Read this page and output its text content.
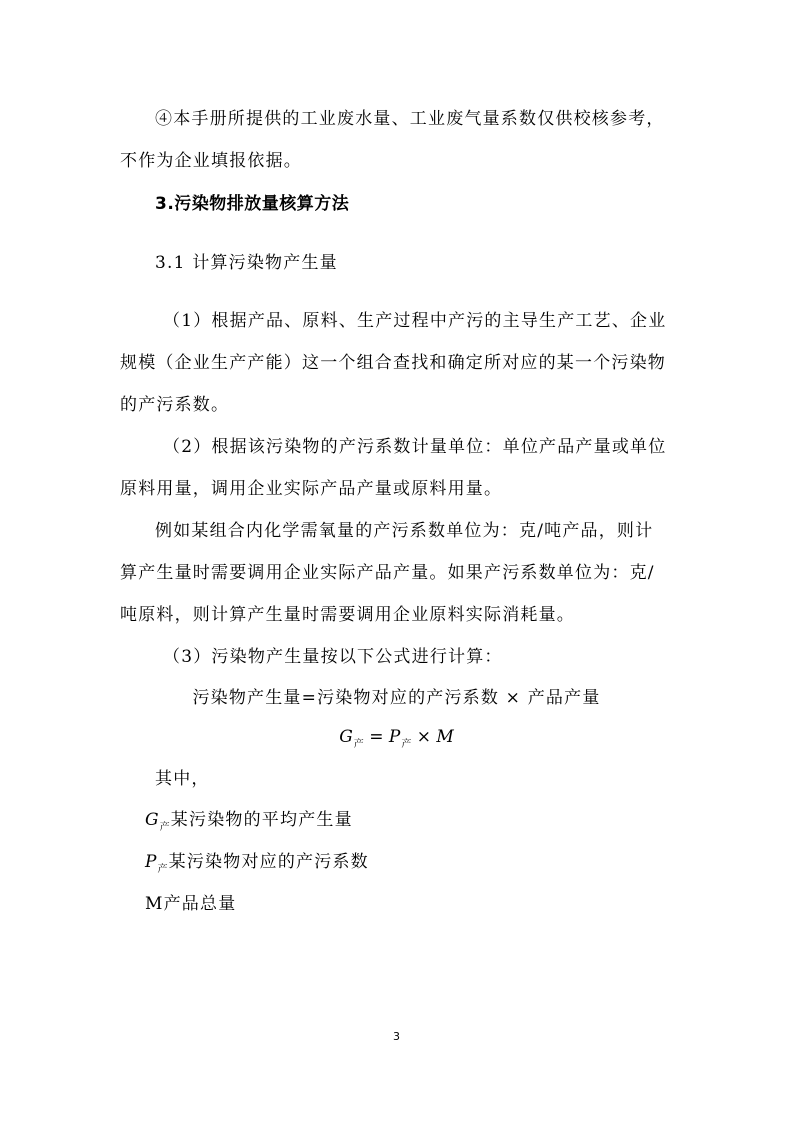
④本手册所提供的工业废水量、工业废气量系数仅供校核参考，
不作为企业填报依据。
3.污染物排放量核算方法
3.1 计算污染物产生量
（1）根据产品、原料、生产过程中产污的主导生产工艺、企业
规模（企业生产产能）这一个组合查找和确定所对应的某一个污染物
的产污系数。
（2）根据该污染物的产污系数计量单位：单位产品产量或单位
原料用量，调用企业实际产品产量或原料用量。
例如某组合内化学需氧量的产污系数单位为：克/吨产品，则计
算产生量时需要调用企业实际产品产量。如果产污系数单位为：克/
吨原料，则计算产生量时需要调用企业原料实际消耗量。
（3）污染物产生量按以下公式进行计算：
污染物产生量=污染物对应的产污系数 × 产品产量
$G_产 = P_产 \times M$
其中，
$G_产$某污染物的平均产生量
$P_产$某污染物对应的产污系数
M产品总量
3
